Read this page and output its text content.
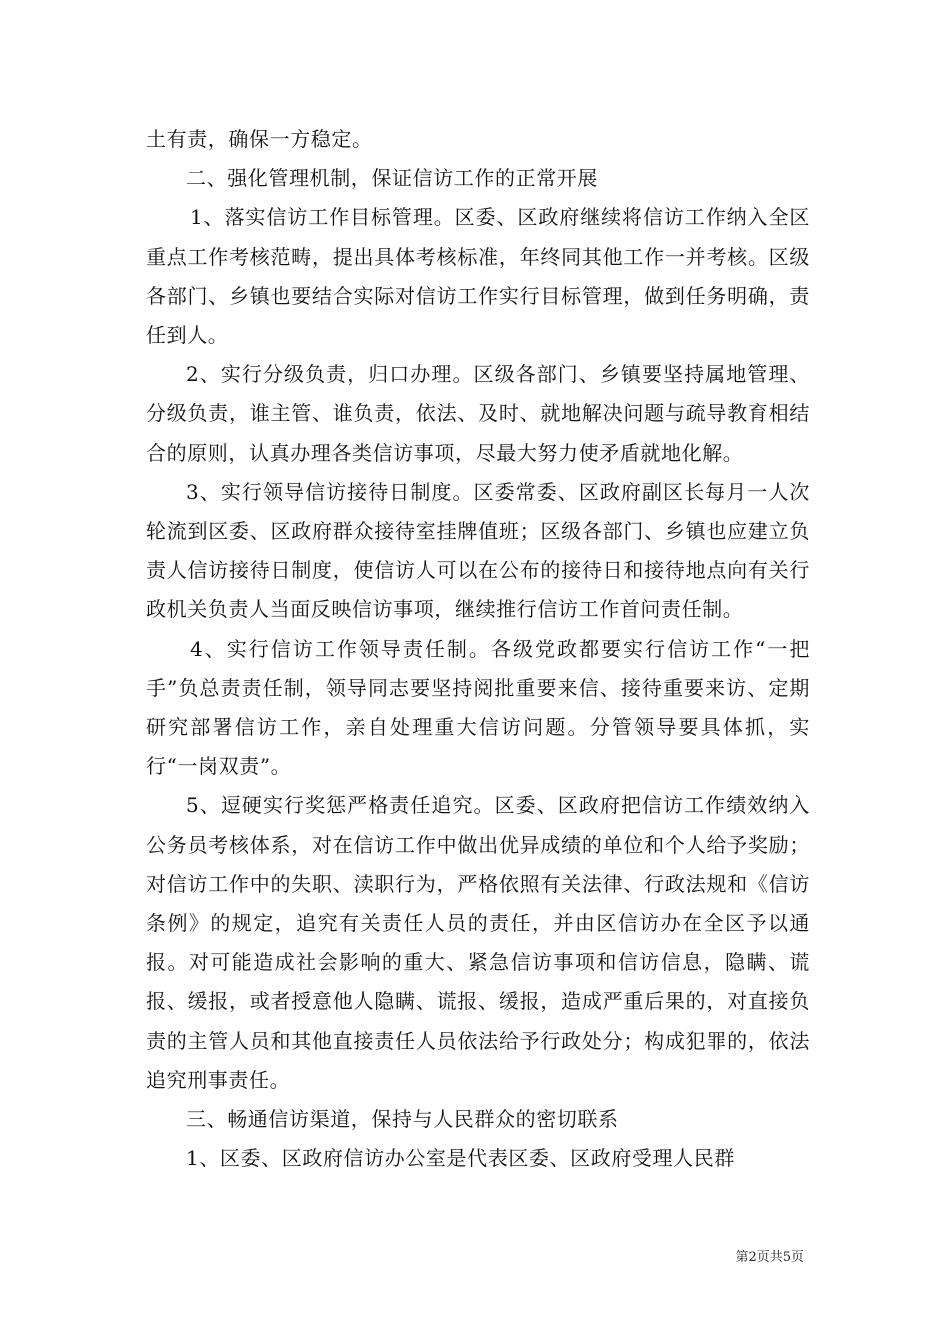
土有责，确保一方稳定。

二、强化管理机制，保证信访工作的正常开展

1、落实信访工作目标管理。区委、区政府继续将信访工作纳入全区重点工作考核范畴，提出具体考核标准，年终同其他工作一并考核。区级各部门、乡镇也要结合实际对信访工作实行目标管理，做到任务明确，责任到人。

2、实行分级负责，归口办理。区级各部门、乡镇要坚持属地管理、分级负责，谁主管、谁负责，依法、及时、就地解决问题与疏导教育相结合的原则，认真办理各类信访事项，尽最大努力使矛盾就地化解。

3、实行领导信访接待日制度。区委常委、区政府副区长每月一人次轮流到区委、区政府群众接待室挂牌值班；区级各部门、乡镇也应建立负责人信访接待日制度，使信访人可以在公布的接待日和接待地点向有关行政机关负责人当面反映信访事项，继续推行信访工作首问责任制。

4、实行信访工作领导责任制。各级党政都要实行信访工作“一把手”负总责责任制，领导同志要坚持阅批重要来信、接待重要来访、定期研究部署信访工作，亲自处理重大信访问题。分管领导要具体抓，实行“一岗双责”。

5、逗硬实行奖惩严格责任追究。区委、区政府把信访工作绩效纳入公务员考核体系，对在信访工作中做出优异成绩的单位和个人给予奖励；对信访工作中的失职、渎职行为，严格依照有关法律、行政法规和《信访条例》的规定，追究有关责任人员的责任，并由区信访办在全区予以通报。对可能造成社会影响的重大、紧急信访事项和信访信息，隐瞒、谎报、缓报，或者授意他人隐瞒、谎报、缓报，造成严重后果的，对直接负责的主管人员和其他直接责任人员依法给予行政处分；构成犯罪的，依法追究刑事责任。

三、畅通信访渠道，保持与人民群众的密切联系

1、区委、区政府信访办公室是代表区委、区政府受理人民群

第2页共5页
